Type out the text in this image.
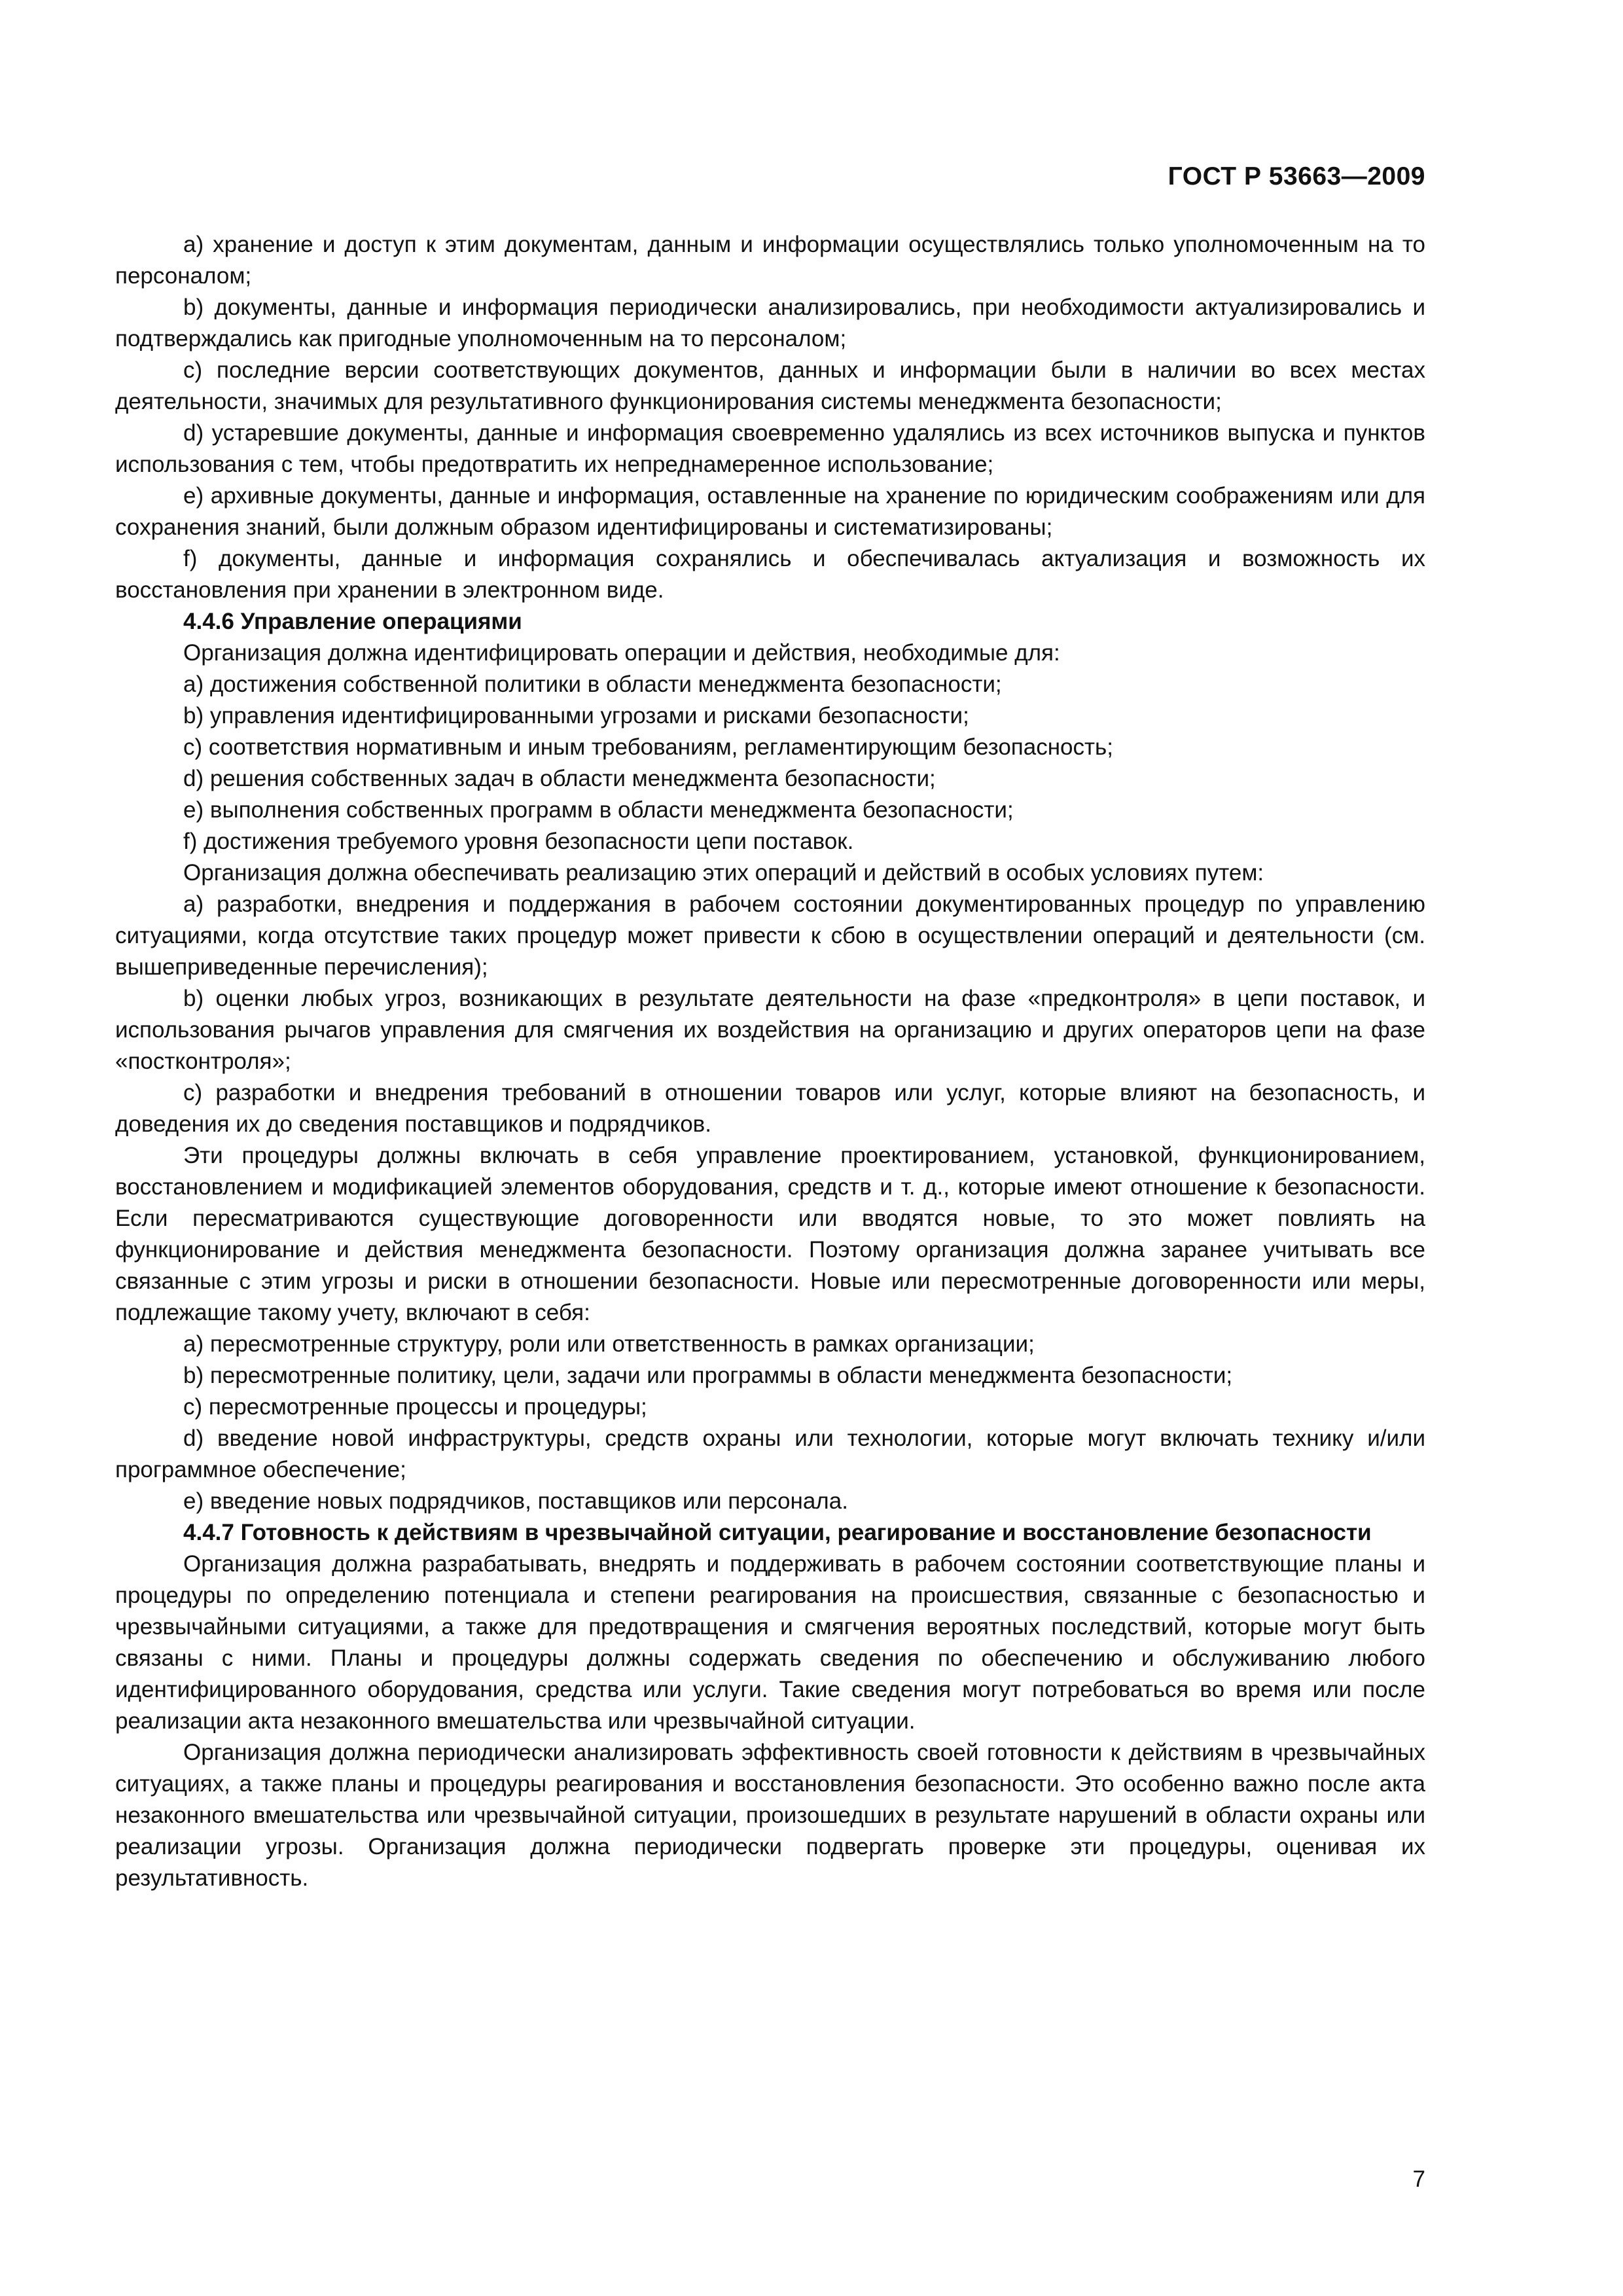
ГОСТ Р 53663—2009

a) хранение и доступ к этим документам, данным и информации осуществлялись только уполномоченным на то персоналом;

b) документы, данные и информация периодически анализировались, при необходимости актуализировались и подтверждались как пригодные уполномоченным на то персоналом;

c) последние версии соответствующих документов, данных и информации были в наличии во всех местах деятельности, значимых для результативного функционирования системы менеджмента безопасности;

d) устаревшие документы, данные и информация своевременно удалялись из всех источников выпуска и пунктов использования с тем, чтобы предотвратить их непреднамеренное использование;

e) архивные документы, данные и информация, оставленные на хранение по юридическим соображениям или для сохранения знаний, были должным образом идентифицированы и систематизированы;

f) документы, данные и информация сохранялись и обеспечивалась актуализация и возможность их восстановления при хранении в электронном виде.

4.4.6 Управление операциями

Организация должна идентифицировать операции и действия, необходимые для:

a) достижения собственной политики в области менеджмента безопасности;

b) управления идентифицированными угрозами и рисками безопасности;

c) соответствия нормативным и иным требованиям, регламентирующим безопасность;

d) решения собственных задач в области менеджмента безопасности;

e) выполнения собственных программ в области менеджмента безопасности;

f) достижения требуемого уровня безопасности цепи поставок.

Организация должна обеспечивать реализацию этих операций и действий в особых условиях путем:

a) разработки, внедрения и поддержания в рабочем состоянии документированных процедур по управлению ситуациями, когда отсутствие таких процедур может привести к сбою в осуществлении операций и деятельности (см. вышеприведенные перечисления);

b) оценки любых угроз, возникающих в результате деятельности на фазе «предконтроля» в цепи поставок, и использования рычагов управления для смягчения их воздействия на организацию и других операторов цепи на фазе «постконтроля»;

c) разработки и внедрения требований в отношении товаров или услуг, которые влияют на безопасность, и доведения их до сведения поставщиков и подрядчиков.

Эти процедуры должны включать в себя управление проектированием, установкой, функционированием, восстановлением и модификацией элементов оборудования, средств и т. д., которые имеют отношение к безопасности. Если пересматриваются существующие договоренности или вводятся новые, то это может повлиять на функционирование и действия менеджмента безопасности. Поэтому организация должна заранее учитывать все связанные с этим угрозы и риски в отношении безопасности. Новые или пересмотренные договоренности или меры, подлежащие такому учету, включают в себя:

a) пересмотренные структуру, роли или ответственность в рамках организации;

b) пересмотренные политику, цели, задачи или программы в области менеджмента безопасности;

c) пересмотренные процессы и процедуры;

d) введение новой инфраструктуры, средств охраны или технологии, которые могут включать технику и/или программное обеспечение;

e) введение новых подрядчиков, поставщиков или персонала.

4.4.7 Готовность к действиям в чрезвычайной ситуации, реагирование и восстановление безопасности

Организация должна разрабатывать, внедрять и поддерживать в рабочем состоянии соответствующие планы и процедуры по определению потенциала и степени реагирования на происшествия, связанные с безопасностью и чрезвычайными ситуациями, а также для предотвращения и смягчения вероятных последствий, которые могут быть связаны с ними. Планы и процедуры должны содержать сведения по обеспечению и обслуживанию любого идентифицированного оборудования, средства или услуги. Такие сведения могут потребоваться во время или после реализации акта незаконного вмешательства или чрезвычайной ситуации.

Организация должна периодически анализировать эффективность своей готовности к действиям в чрезвычайных ситуациях, а также планы и процедуры реагирования и восстановления безопасности. Это особенно важно после акта незаконного вмешательства или чрезвычайной ситуации, произошедших в результате нарушений в области охраны или реализации угрозы. Организация должна периодически подвергать проверке эти процедуры, оценивая их результативность.

7
